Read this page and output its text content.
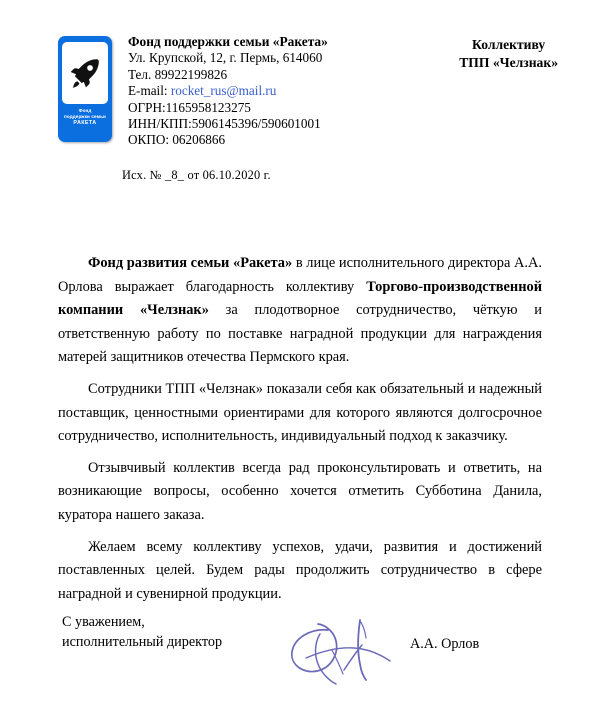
Фонд
поддержки семьи
РАКЕТА
Фонд поддержки семьи «Ракета»
Ул. Крупской, 12, г. Пермь, 614060
Тел. 89922199826
E-mail: rocket_rus@mail.ru
ОГРН:1165958123275
ИНН/КПП:5906145396/590601001
ОКПО: 06206866
Коллективу
ТПП «Челзнак»
Исх. № _8_ от 06.10.2020 г.

Фонд развития семьи «Ракета» в лице исполнительного директора А.А. Орлова выражает благодарность коллективу Торгово-производственной компании «Челзнак» за плодотворное сотрудничество, чёткую и ответственную работу по поставке наградной продукции для награждения матерей защитников отечества Пермского края.

Сотрудники ТПП «Челзнак» показали себя как обязательный и надежный поставщик, ценностными ориентирами для которого являются долгосрочное сотрудничество, исполнительность, индивидуальный подход к заказчику.

Отзывчивый коллектив всегда рад проконсультировать и ответить, на возникающие вопросы, особенно хочется отметить Субботина Данила, куратора нашего заказа.

Желаем всему коллективу успехов, удачи, развития и достижений поставленных целей. Будем рады продолжить сотрудничество в сфере наградной и сувенирной продукции.

С уважением,
исполнительный директор	А.А. Орлов
